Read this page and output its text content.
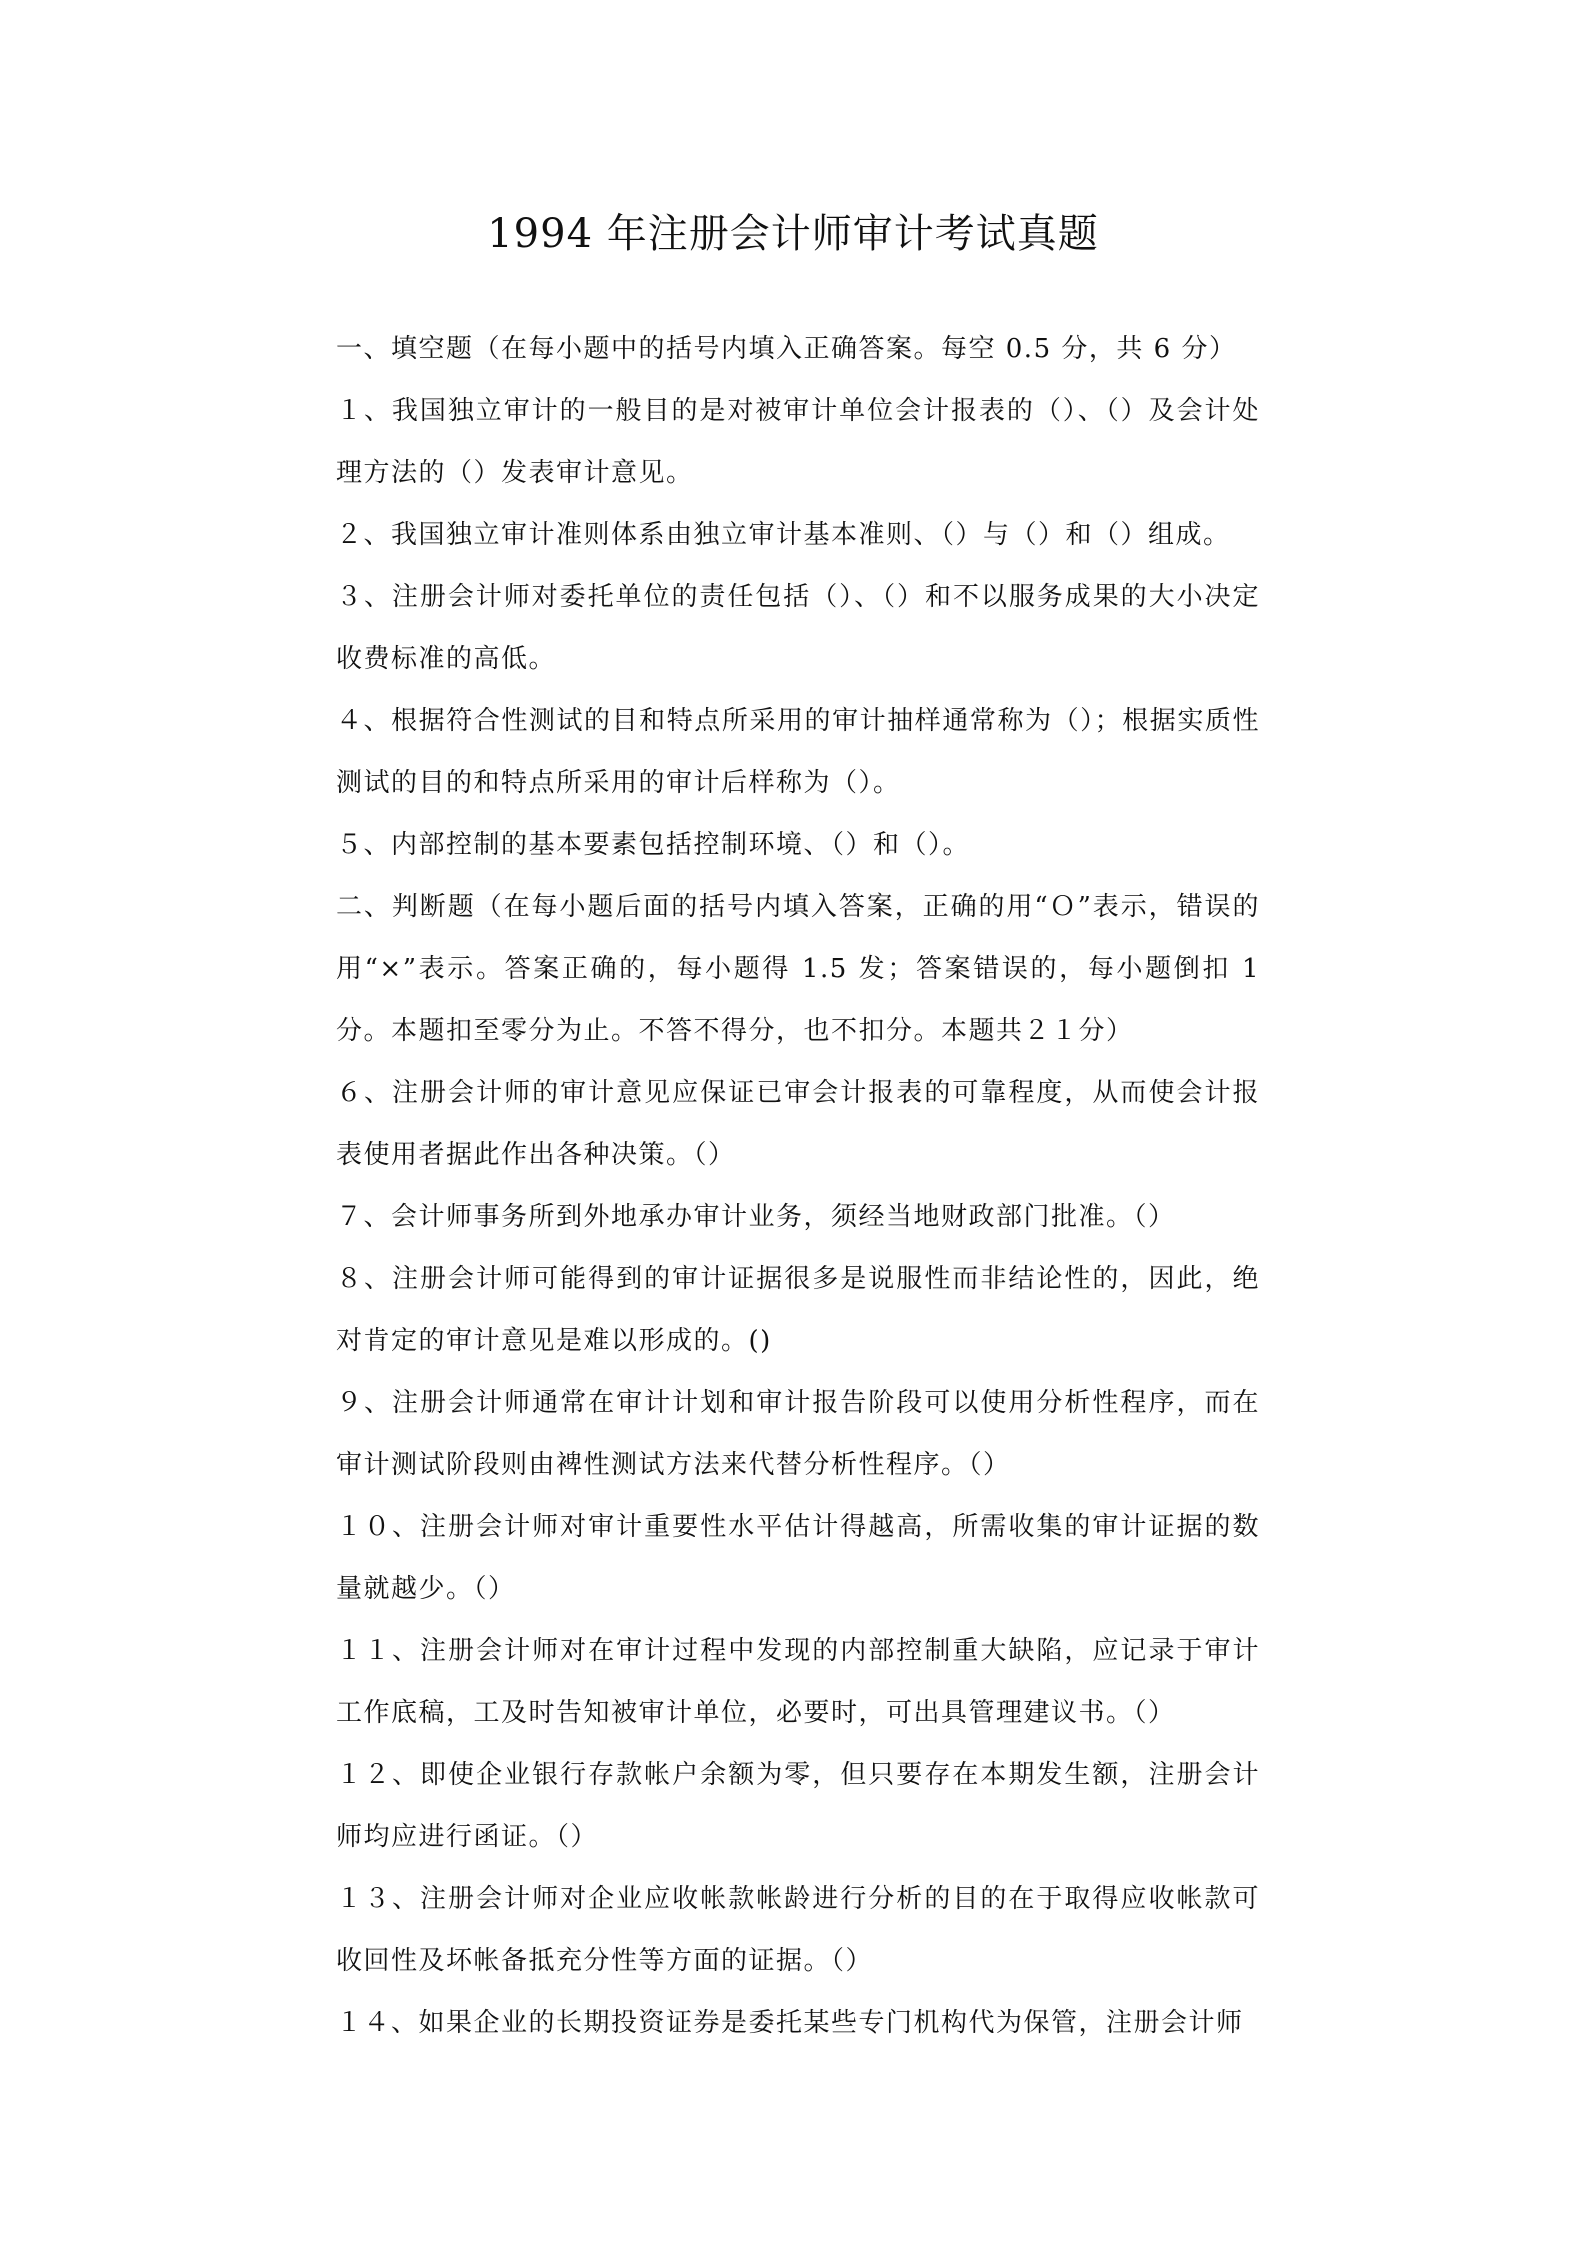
1994 年注册会计师审计考试真题

一、填空题（在每小题中的括号内填入正确答案。每空 0.5 分，共 6 分）

１、我国独立审计的一般目的是对被审计单位会计报表的（）、（）及会计处理方法的（）发表审计意见。

２、我国独立审计准则体系由独立审计基本准则、（）与（）和（）组成。

３、注册会计师对委托单位的责任包括（）、（）和不以服务成果的大小决定收费标准的高低。

４、根据符合性测试的目和特点所采用的审计抽样通常称为（）；根据实质性测试的目的和特点所采用的审计后样称为（）。

５、内部控制的基本要素包括控制环境、（）和（）。

二、判断题（在每小题后面的括号内填入答案，正确的用“Ｏ”表示，错误的用“×”表示。答案正确的，每小题得 1.5 发；答案错误的，每小题倒扣 1 分。本题扣至零分为止。不答不得分，也不扣分。本题共２１分）

６、注册会计师的审计意见应保证已审会计报表的可靠程度，从而使会计报表使用者据此作出各种决策。（）

７、会计师事务所到外地承办审计业务，须经当地财政部门批准。（）

８、注册会计师可能得到的审计证据很多是说服性而非结论性的，因此，绝对肯定的审计意见是难以形成的。()

９、注册会计师通常在审计计划和审计报告阶段可以使用分析性程序，而在审计测试阶段则由裨性测试方法来代替分析性程序。（）

１０、注册会计师对审计重要性水平估计得越高，所需收集的审计证据的数量就越少。（）

１１、注册会计师对在审计过程中发现的内部控制重大缺陷，应记录于审计工作底稿，工及时告知被审计单位，必要时，可出具管理建议书。（）

１２、即使企业银行存款帐户余额为零，但只要存在本期发生额，注册会计师均应进行函证。（）

１３、注册会计师对企业应收帐款帐龄进行分析的目的在于取得应收帐款可收回性及坏帐备抵充分性等方面的证据。（）

１４、如果企业的长期投资证券是委托某些专门机构代为保管，注册会计师
